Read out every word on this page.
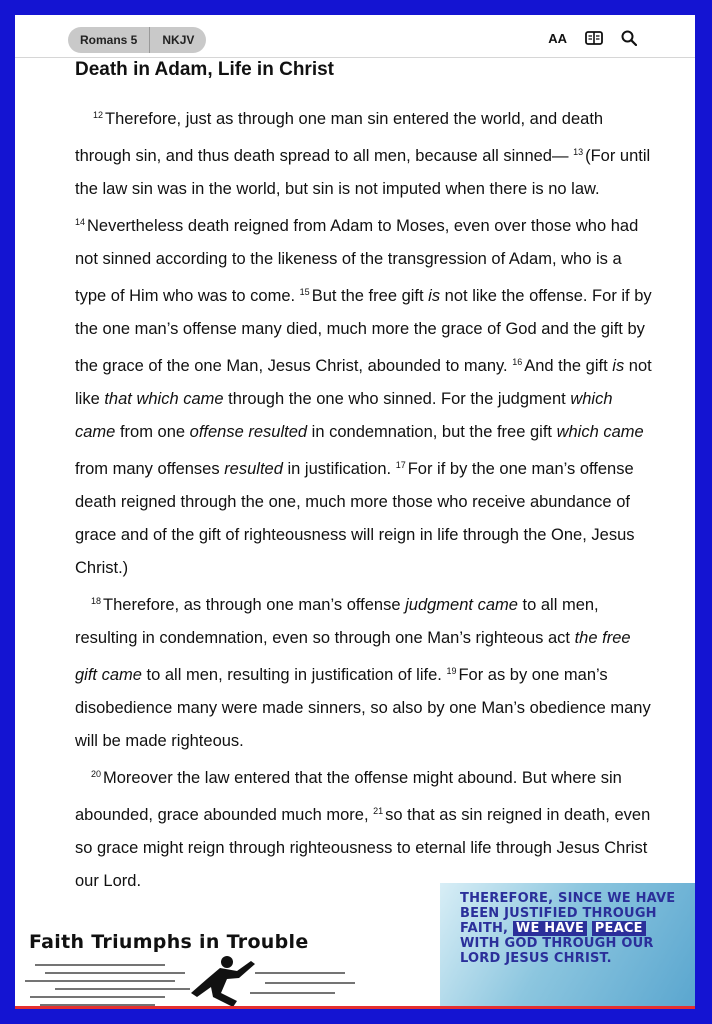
Romans 5	NKJV	AA
Death in Adam, Life in Christ

$^{12}$ Therefore, just as through one man sin entered the world, and death through sin, and thus death spread to all men, because all sinned— $^{13}$ (For until the law sin was in the world, but sin is not imputed when there is no law. $^{14}$ Nevertheless death reigned from Adam to Moses, even over those who had not sinned according to the likeness of the transgression of Adam, who is a type of Him who was to come. $^{15}$ But the free gift is not like the offense. For if by the one man’s offense many died, much more the grace of God and the gift by the grace of the one Man, Jesus Christ, abounded to many. $^{16}$ And the gift is not like that which came through the one who sinned. For the judgment which came from one offense resulted in condemnation, but the free gift which came from many offenses resulted in justification. $^{17}$ For if by the one man’s offense death reigned through the one, much more those who receive abundance of grace and of the gift of righteousness will reign in life through the One, Jesus Christ.)

$^{18}$ Therefore, as through one man’s offense judgment came to all men, resulting in condemnation, even so through one Man’s righteous act the free gift came to all men, resulting in justification of life. $^{19}$ For as by one man’s disobedience many were made sinners, so also by one Man’s obedience many will be made righteous.

$^{20}$ Moreover the law entered that the offense might abound. But where sin abounded, grace abounded much more, $^{21}$ so that as sin reigned in death, even so grace might reign through righteousness to eternal life through Jesus Christ our Lord.

Faith Triumphs in Trouble
THEREFORE, SINCE WE HAVE BEEN JUSTIFIED THROUGH FAITH, WE HAVE PEACE WITH GOD THROUGH OUR LORD JESUS CHRIST.
